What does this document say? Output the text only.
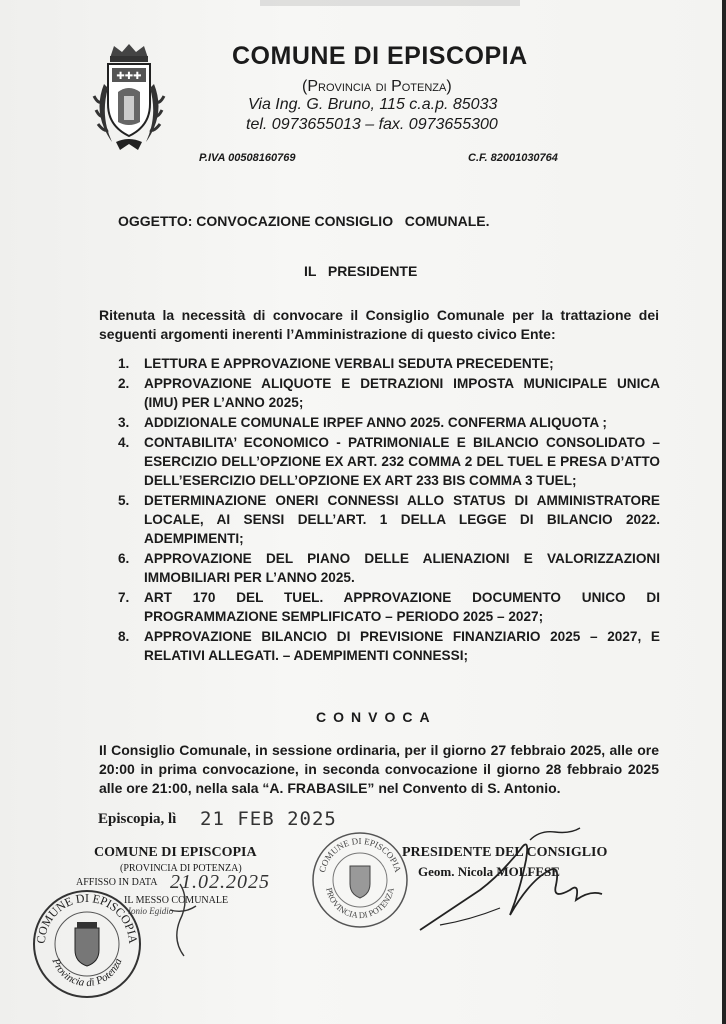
✚✚✚
COMUNE DI EPISCOPIA
(Provincia di Potenza)
Via Ing. G. Bruno, 115 c.a.p. 85033
tel. 0973655013 – fax. 0973655300
P.IVA 00508160769	C.F. 82001030764
OGGETTO: CONVOCAZIONE CONSIGLIO   COMUNALE.
IL   PRESIDENTE
Ritenuta la necessità di convocare il Consiglio Comunale per la trattazione dei seguenti argomenti inerenti l’Amministrazione di questo civico Ente:
1. LETTURA E APPROVAZIONE VERBALI SEDUTA PRECEDENTE;
2. APPROVAZIONE ALIQUOTE E DETRAZIONI IMPOSTA MUNICIPALE UNICA (IMU) PER L’ANNO 2025;
3. ADDIZIONALE COMUNALE IRPEF ANNO 2025. CONFERMA ALIQUOTA ;
4. CONTABILITA’ ECONOMICO - PATRIMONIALE E BILANCIO CONSOLIDATO – ESERCIZIO DELL’OPZIONE EX ART. 232 COMMA 2 DEL TUEL E PRESA D’ATTO DELL’ESERCIZIO DELL’OPZIONE EX ART 233 BIS COMMA 3 TUEL;
5. DETERMINAZIONE ONERI CONNESSI ALLO STATUS DI AMMINISTRATORE LOCALE, AI SENSI DELL’ART. 1 DELLA LEGGE DI BILANCIO 2022. ADEMPIMENTI;
6. APPROVAZIONE DEL PIANO DELLE ALIENAZIONI E VALORIZZAZIONI IMMOBILIARI PER L’ANNO 2025.
7. ART 170 DEL TUEL. APPROVAZIONE DOCUMENTO UNICO DI PROGRAMMAZIONE SEMPLIFICATO – PERIODO 2025 – 2027;
8. APPROVAZIONE BILANCIO DI PREVISIONE FINANZIARIO 2025 – 2027, E RELATIVI ALLEGATI. – ADEMPIMENTI CONNESSI;
CONVOCA
Il Consiglio Comunale, in sessione ordinaria, per il giorno 27 febbraio 2025, alle ore 20:00 in prima convocazione, in seconda convocazione il giorno 28 febbraio 2025 alle ore 21:00, nella sala “A. FRABASILE” nel Convento di S. Antonio.
Episcopia, lì 21 FEB 2025
COMUNE DI EPISCOPIA
(PROVINCIA DI POTENZA)
AFFISSO IN DATA 21.02.2025
IL MESSO COMUNALE
Ionio Egidio
COMUNE DI EPISCOPIA
Provincia di Potenza
COMUNE DI EPISCOPIA
PROVINCIA DI POTENZA
PRESIDENTE DEL CONSIGLIO
Geom. Nicola MOLFESE
